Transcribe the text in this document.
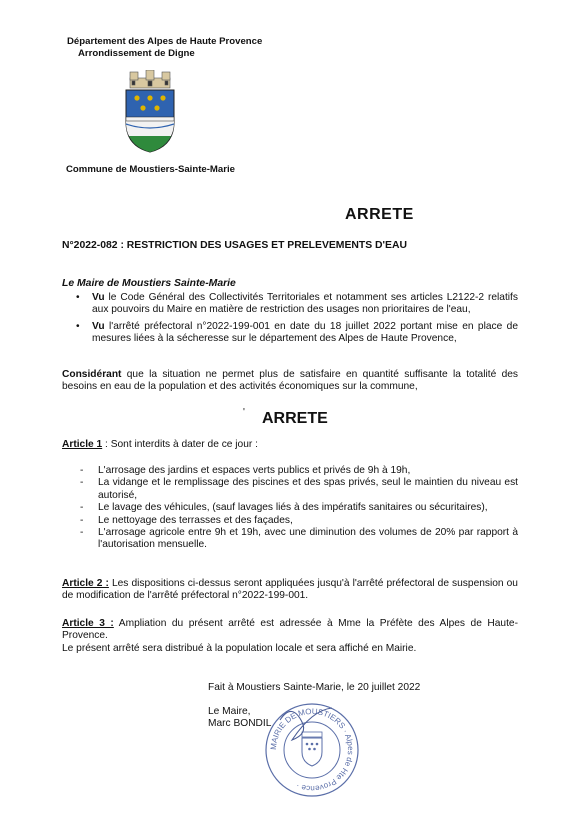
Département des Alpes de Haute Provence
Arrondissement de Digne
Commune de Moustiers-Sainte-Marie
ARRETE
N°2022-082 : RESTRICTION DES USAGES ET PRELEVEMENTS D'EAU
Le Maire de Moustiers Sainte-Marie
• Vu le Code Général des Collectivités Territoriales et notamment ses articles L2122-2 relatifs aux pouvoirs du Maire en matière de restriction des usages non prioritaires de l'eau,
• Vu l'arrêté préfectoral n°2022-199-001 en date du 18 juillet 2022 portant mise en place de mesures liées à la sécheresse sur le département des Alpes de Haute Provence,
Considérant que la situation ne permet plus de satisfaire en quantité suffisante la totalité des besoins en eau de la population et des activités économiques sur la commune,
' ARRETE
Article 1 : Sont interdits à dater de ce jour :
- L'arrosage des jardins et espaces verts publics et privés de 9h à 19h,
- La vidange et le remplissage des piscines et des spas privés, seul le maintien du niveau est autorisé,
- Le lavage des véhicules, (sauf lavages liés à des impératifs sanitaires ou sécuritaires),
- Le nettoyage des terrasses et des façades,
- L'arrosage agricole entre 9h et 19h, avec une diminution des volumes de 20% par rapport à l'autorisation mensuelle.
Article 2 : Les dispositions ci-dessus seront appliquées jusqu'à l'arrêté préfectoral de suspension ou de modification de l'arrêté préfectoral n°2022-199-001.
Article 3 : Ampliation du présent arrêté est adressée à Mme la Préfète des Alpes de Haute-Provence.
Le présent arrêté sera distribué à la population locale et sera affiché en Mairie.
Fait à Moustiers Sainte-Marie, le 20 juillet 2022
MAIRIE DE MOUSTIERS · Alpes de Hte Provence ·
Le Maire,
Marc BONDIL
